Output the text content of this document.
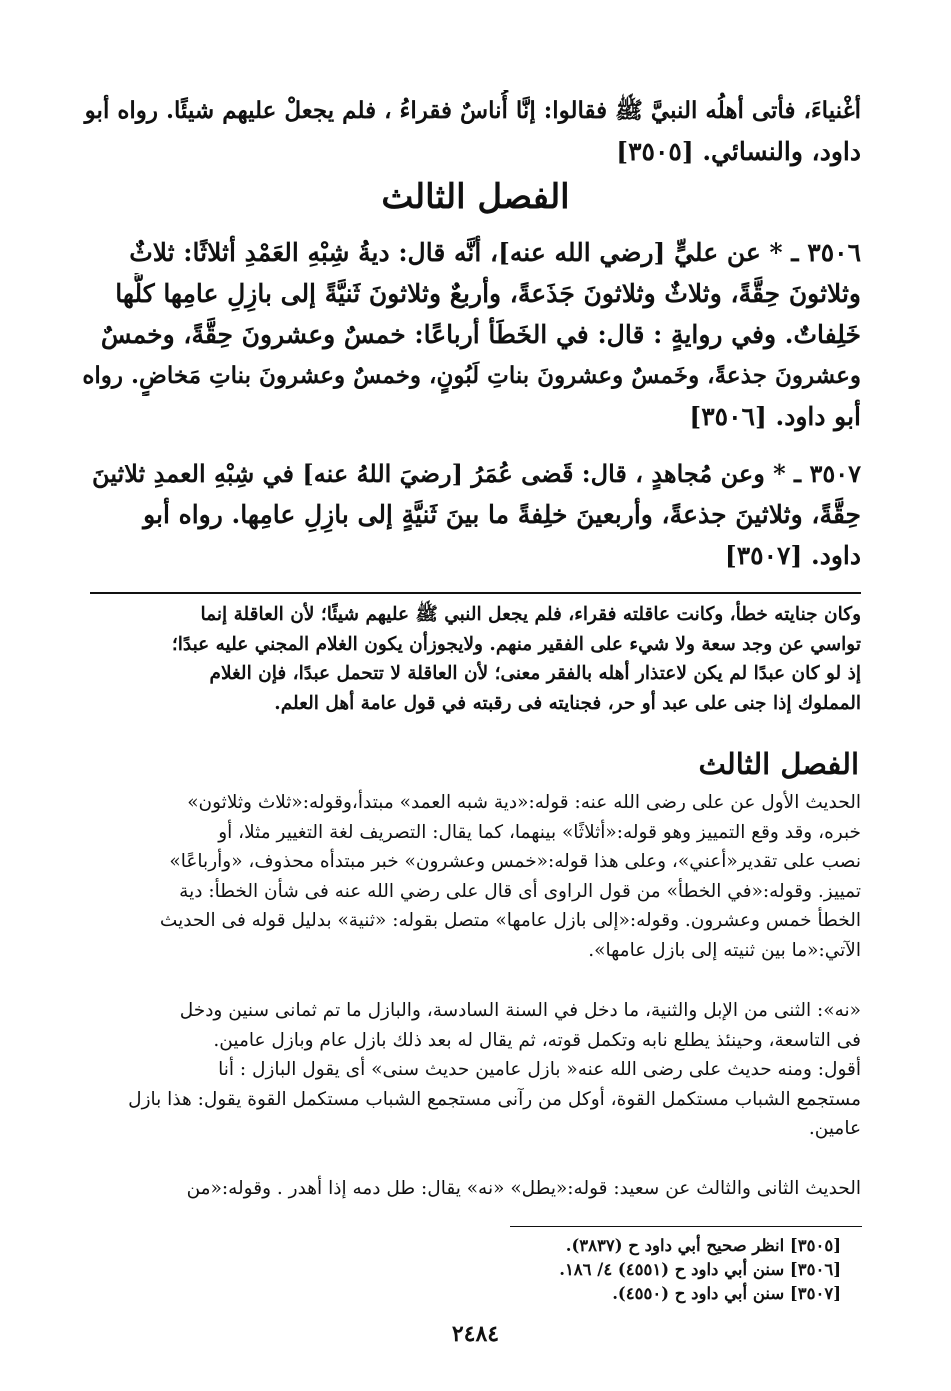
أغْنياءَ، فأتى أهلُه النبيَّ ﷺ فقالوا: إنَّا أُناسٌ فقراءُ ، فلم يجعلْ عليهم شيئًا. رواه أبو
داود، والنسائي. [٣٥٠٥]
الفصل الثالث
٣٥٠٦ ـ * عن عليٍّ [رضي الله عنه]، أنَّه قال: ديةُ شِبْهِ العَمْدِ أثلاثًا: ثلاثٌ
وثلاثونَ حِقَّةً، وثلاثٌ وثلاثونَ جَذَعةً، وأربعٌ وثلاثونَ ثَنيَّةً إلى بازِلِ عامِها كلُّها
خَلِفاتٌ. وفي روايةٍ : قال: في الخَطَأ أرباعًا: خمسٌ وعشرونَ حِقَّةً، وخمسٌ
وعشرونَ جذعةً، وخَمسٌ وعشرونَ بناتِ لَبُونٍ، وخمسٌ وعشرونَ بناتِ مَخاضٍ. رواه
أبو داود. [٣٥٠٦]
٣٥٠٧ ـ * وعن مُجاهدٍ ، قال: قَضى عُمَرُ [رضيَ اللهُ عنه] في شِبْهِ العمدِ ثلاثينَ
حِقَّةً، وثلاثينَ جذعةً، وأربعينَ خلِفةً ما بينَ ثَنيَّةٍ إلى بازِلِ عامِها. رواه أبو
داود. [٣٥٠٧]
وكان جنايته خطأ، وكانت عاقلته فقراء، فلم يجعل النبي ﷺ عليهم شيئًا؛ لأن العاقلة إنما
تواسي عن وجد سعة ولا شيء على الفقير منهم. ولايجوزأن يكون الغلام المجني عليه عبدًا؛
إذ لو كان عبدًا لم يكن لاعتذار أهله بالفقر معنى؛ لأن العاقلة لا تتحمل عبدًا، فإن الغلام
المملوك إذا جنى على عبد أو حر، فجنايته فى رقبته في قول عامة أهل العلم.
الفصل الثالث
الحديث الأول عن على رضى الله عنه: قوله:«دية شبه العمد» مبتدأ،وقوله:«ثلاث وثلاثون»
خبره، وقد وقع التمييز وهو قوله:«أثلاثًا» بينهما، كما يقال: التصريف لغة التغيير مثلا، أو
نصب على تقدير«أعني»، وعلى هذا قوله:«خمس وعشرون» خبر مبتدأه محذوف، «وأرباعًا»
تمييز. وقوله:«في الخطأ» من قول الراوى أى قال على رضي الله عنه فى شأن الخطأ: دية
الخطأ خمس وعشرون. وقوله:«إلى بازل عامها» متصل بقوله: «ثنية» بدليل قوله فى الحديث
الآتي:«ما بين ثنيته إلى بازل عامها».
«نه»: الثنى من الإبل والثنية، ما دخل في السنة السادسة، والبازل ما تم ثمانى سنين ودخل
فى التاسعة، وحينئذ يطلع نابه وتكمل قوته، ثم يقال له بعد ذلك بازل عام وبازل عامين.
أقول: ومنه حديث على رضى الله عنه« بازل عامين حديث سنى» أى يقول البازل : أنا
مستجمع الشباب مستكمل القوة، أوكل من رآنى مستجمع الشباب مستكمل القوة يقول: هذا بازل
عامين.
الحديث الثانى والثالث عن سعيد: قوله:«يطل» «نه» يقال: طل دمه إذا أهدر . وقوله:«من
[٣٥٠٥] انظر صحيح أبي داود ح (٣٨٣٧).
[٣٥٠٦] سنن أبي داود ح (٤٥٥١) ٤/ ١٨٦.
[٣٥٠٧] سنن أبي داود ح (٤٥٥٠).
٢٤٨٤
